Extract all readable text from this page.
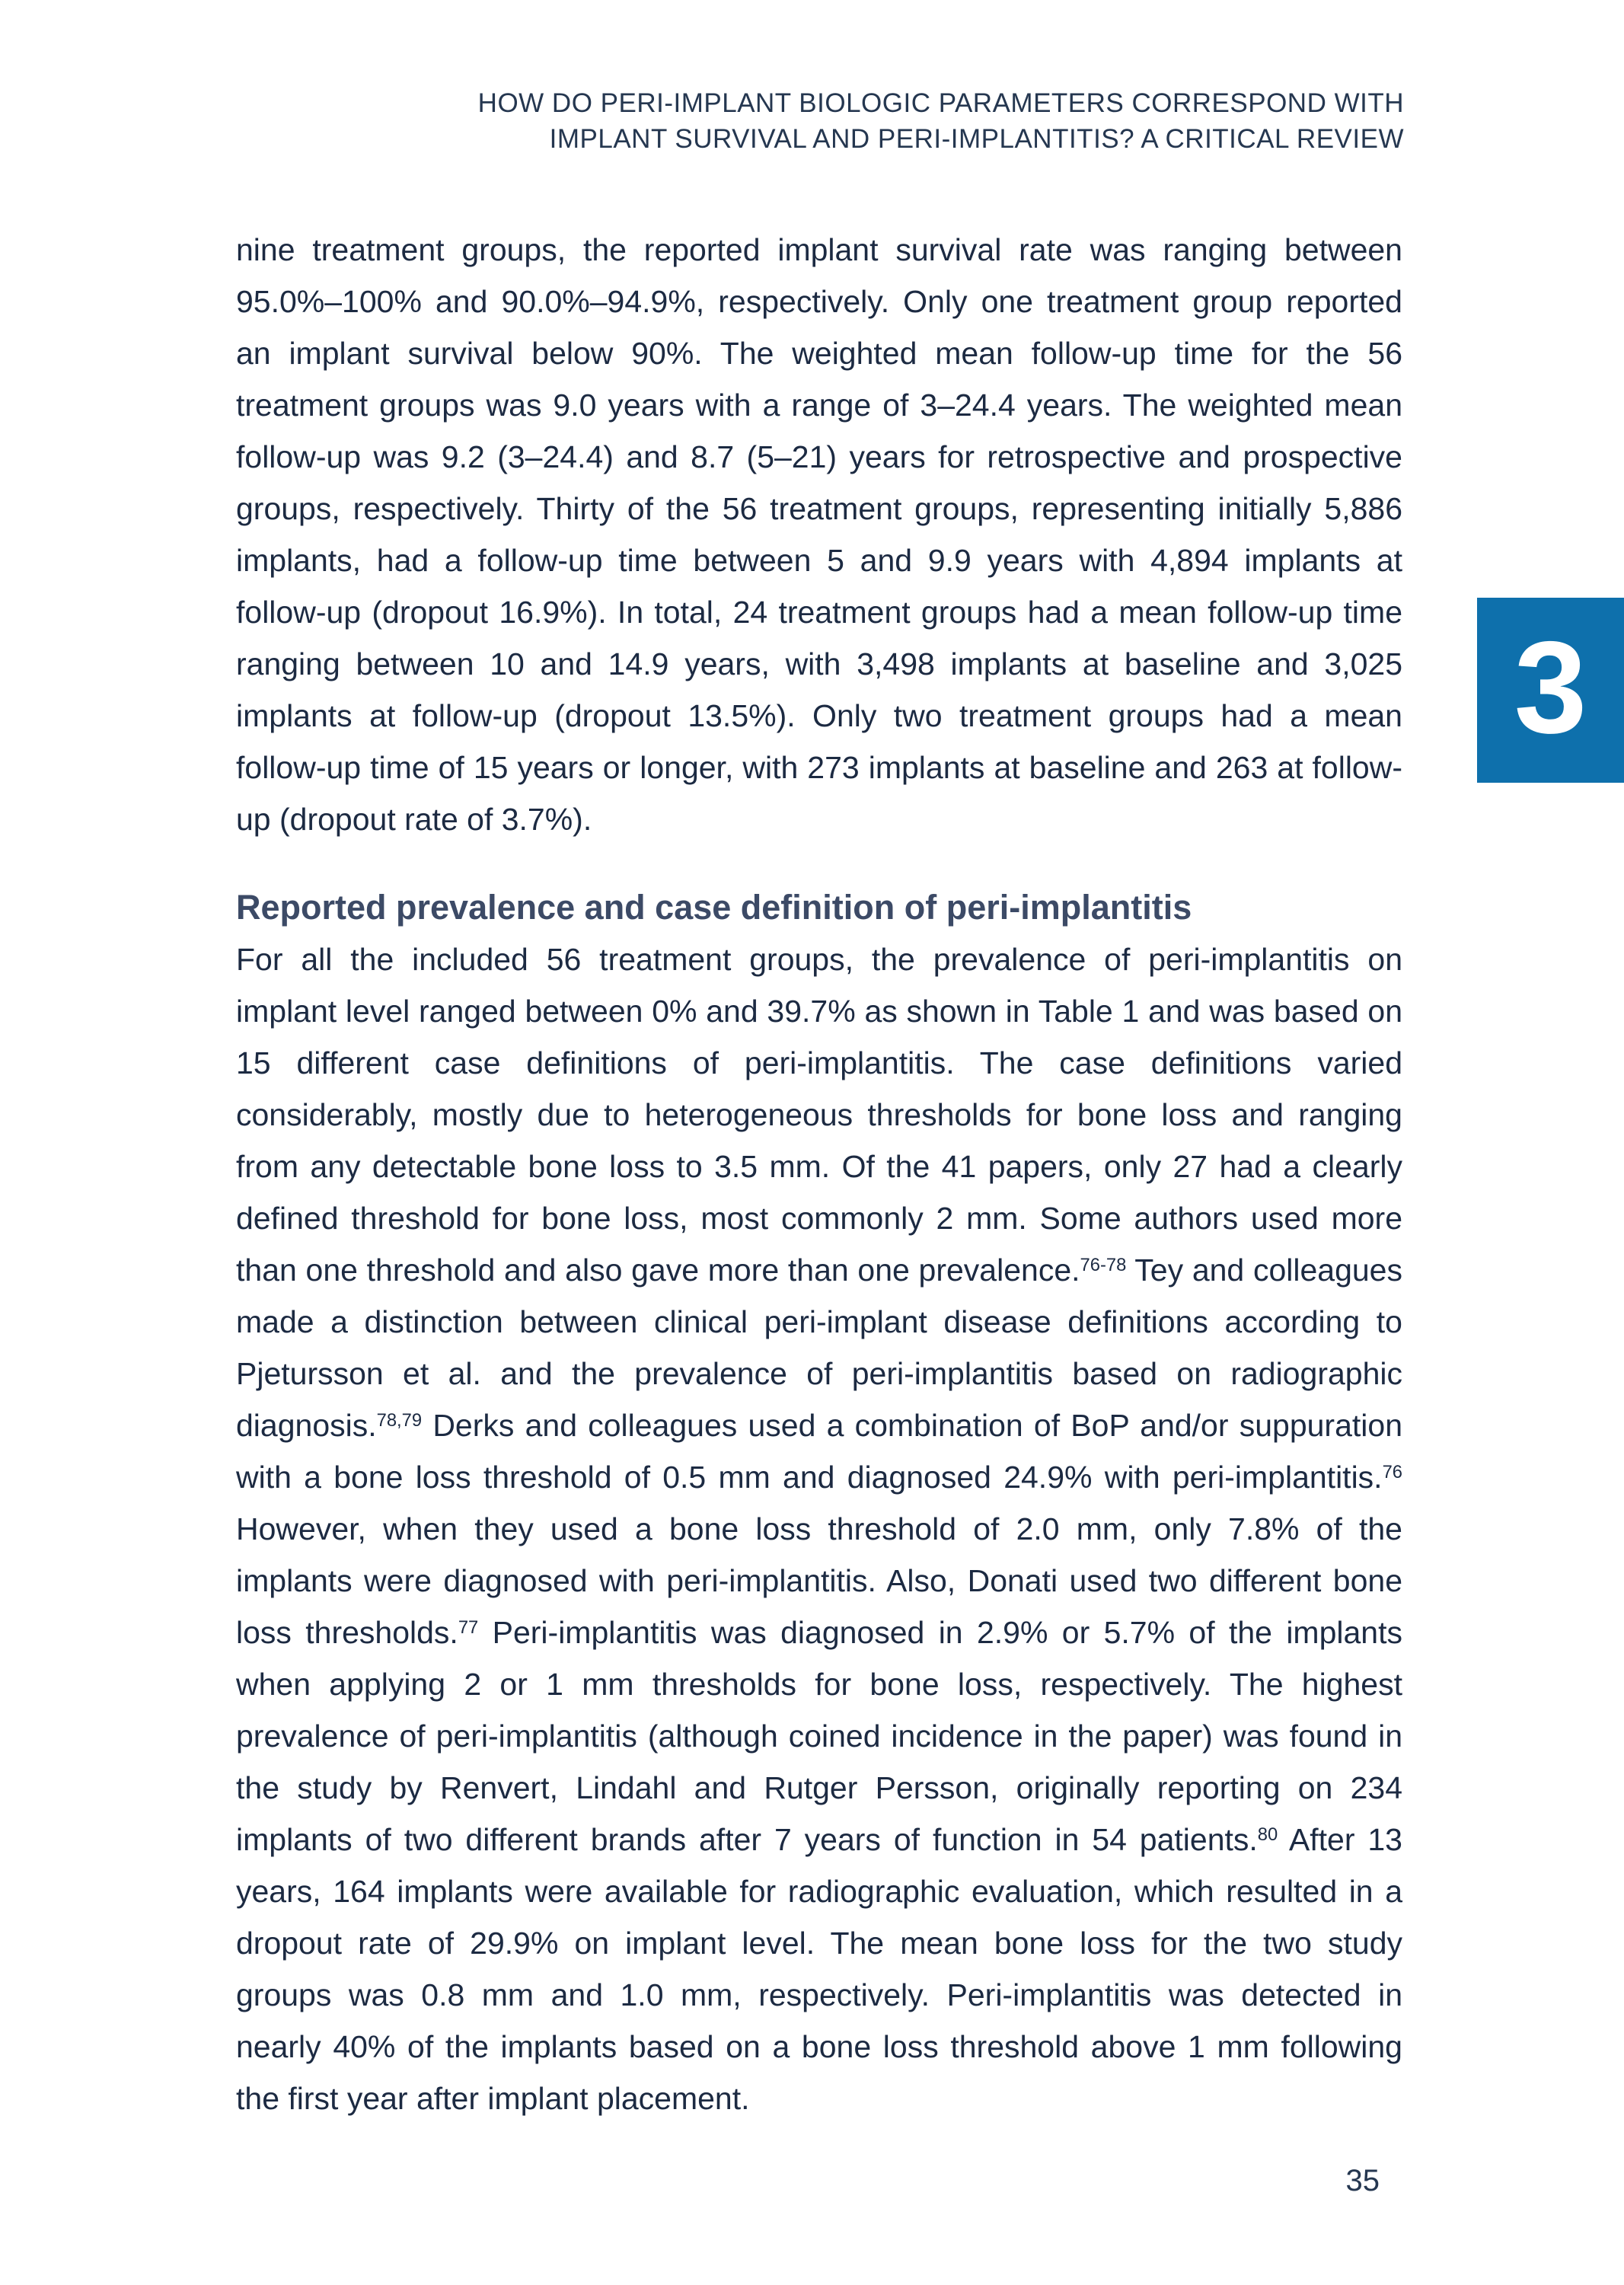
HOW DO PERI-IMPLANT BIOLOGIC PARAMETERS CORRESPOND WITH
IMPLANT SURVIVAL AND PERI-IMPLANTITIS? A CRITICAL REVIEW
3

nine treatment groups, the reported implant survival rate was ranging between 95.0%–100% and 90.0%–94.9%, respectively. Only one treatment group reported an implant survival below 90%. The weighted mean follow-up time for the 56 treatment groups was 9.0 years with a range of 3–24.4 years. The weighted mean follow-up was 9.2 (3–24.4) and 8.7 (5–21) years for retrospective and prospective groups, respectively. Thirty of the 56 treatment groups, representing initially 5,886 implants, had a follow-up time between 5 and 9.9 years with 4,894 implants at follow-up (dropout 16.9%). In total, 24 treatment groups had a mean follow-up time ranging between 10 and 14.9 years, with 3,498 implants at baseline and 3,025 implants at follow-up (dropout 13.5%). Only two treatment groups had a mean follow-up time of 15 years or longer, with 273 implants at baseline and 263 at follow-up (dropout rate of 3.7%).

Reported prevalence and case definition of peri-implantitis

For all the included 56 treatment groups, the prevalence of peri-implantitis on implant level ranged between 0% and 39.7% as shown in Table 1 and was based on 15 different case definitions of peri-implantitis. The case definitions varied considerably, mostly due to heterogeneous thresholds for bone loss and ranging from any detectable bone loss to 3.5 mm. Of the 41 papers, only 27 had a clearly defined threshold for bone loss, most commonly 2 mm. Some authors used more than one threshold and also gave more than one prevalence.$^{76-78}$ Tey and colleagues made a distinction between clinical peri-implant disease definitions according to Pjetursson et al. and the prevalence of peri-implantitis based on radiographic diagnosis.$^{78,79}$ Derks and colleagues used a combination of BoP and/or suppuration with a bone loss threshold of 0.5 mm and diagnosed 24.9% with peri-implantitis.$^{76}$ However, when they used a bone loss threshold of 2.0 mm, only 7.8% of the implants were diagnosed with peri-implantitis. Also, Donati used two different bone loss thresholds.$^{77}$ Peri-implantitis was diagnosed in 2.9% or 5.7% of the implants when applying 2 or 1 mm thresholds for bone loss, respectively. The highest prevalence of peri-implantitis (although coined incidence in the paper) was found in the study by Renvert, Lindahl and Rutger Persson, originally reporting on 234 implants of two different brands after 7 years of function in 54 patients.$^{80}$ After 13 years, 164 implants were available for radiographic evaluation, which resulted in a dropout rate of 29.9% on implant level. The mean bone loss for the two study groups was 0.8 mm and 1.0 mm, respectively. Peri-implantitis was detected in nearly 40% of the implants based on a bone loss threshold above 1 mm following the first year after implant placement.

35
